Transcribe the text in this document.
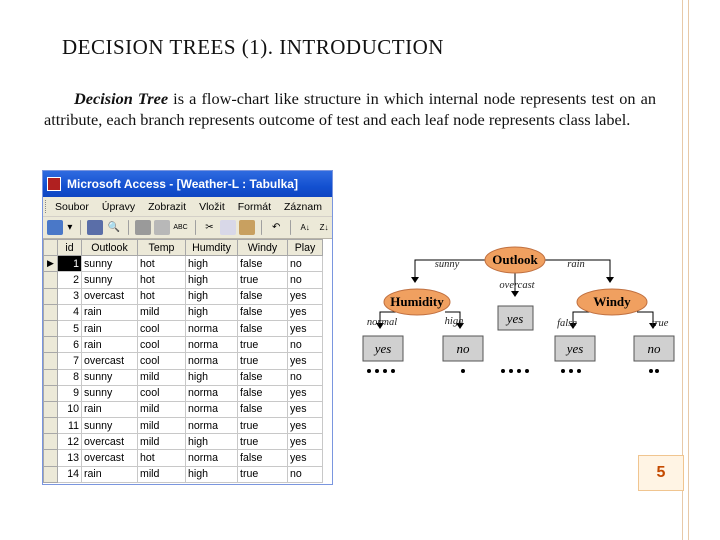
DECISION TREES (1). INTRODUCTION
Decision Tree is a flow-chart like structure in which internal node represents test on an attribute, each branch represents outcome of test and each leaf node represents class label.
Microsoft Access - [Weather-L : Tabulka]
Soubor Úpravy Zobrazit Vložit Formát Záznam
▾	🔍	ABC	✂	↶	A↓	Z↓
	id	Outlook	Temp	Humdity	Windy	Play
▶	1	sunny	hot	high	false	no
	2	sunny	hot	high	true	no
	3	overcast	hot	high	false	yes
	4	rain	mild	high	false	yes
	5	rain	cool	norma	false	yes
	6	rain	cool	norma	true	no
	7	overcast	cool	norma	true	yes
	8	sunny	mild	high	false	no
	9	sunny	cool	norma	false	yes
	10	rain	mild	norma	false	yes
	11	sunny	mild	norma	true	yes
	12	overcast	mild	high	true	yes
	13	overcast	hot	norma	false	yes
	14	rain	mild	high	true	no
Outlook
Humidity	Windy
sunny	rain
overcast
normal	high	false	true
yes	no
yes
yes	no
5
